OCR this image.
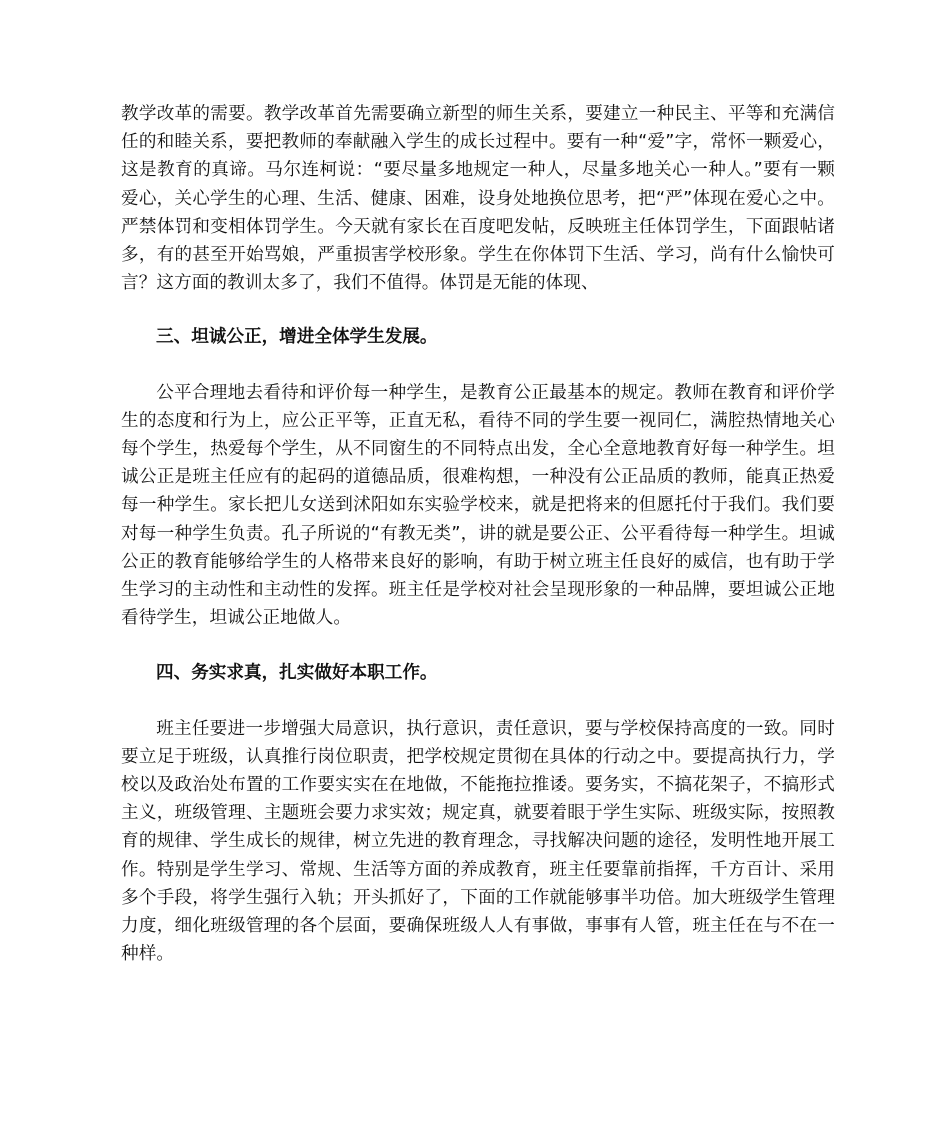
教学改革的需要。教学改革首先需要确立新型的师生关系，要建立一种民主、平等和充满信任的和睦关系，要把教师的奉献融入学生的成长过程中。要有一种“爱”字，常怀一颗爱心，这是教育的真谛。马尔连柯说：“要尽量多地规定一种人，尽量多地关心一种人。”要有一颗爱心，关心学生的心理、生活、健康、困难，设身处地换位思考，把“严”体现在爱心之中。严禁体罚和变相体罚学生。今天就有家长在百度吧发帖，反映班主任体罚学生，下面跟帖诸多，有的甚至开始骂娘，严重损害学校形象。学生在你体罚下生活、学习，尚有什么愉快可言？这方面的教训太多了，我们不值得。体罚是无能的体现、

三、坦诚公正，增进全体学生发展。

公平合理地去看待和评价每一种学生，是教育公正最基本的规定。教师在教育和评价学生的态度和行为上，应公正平等，正直无私，看待不同的学生要一视同仁，满腔热情地关心每个学生，热爱每个学生，从不同窗生的不同特点出发，全心全意地教育好每一种学生。坦诚公正是班主任应有的起码的道德品质，很难构想，一种没有公正品质的教师，能真正热爱每一种学生。家长把儿女送到沭阳如东实验学校来，就是把将来的但愿托付于我们。我们要对每一种学生负责。孔子所说的“有教无类”，讲的就是要公正、公平看待每一种学生。坦诚公正的教育能够给学生的人格带来良好的影响，有助于树立班主任良好的威信，也有助于学生学习的主动性和主动性的发挥。班主任是学校对社会呈现形象的一种品牌，要坦诚公正地看待学生，坦诚公正地做人。

四、务实求真，扎实做好本职工作。

班主任要进一步增强大局意识，执行意识，责任意识，要与学校保持高度的一致。同时要立足于班级，认真推行岗位职责，把学校规定贯彻在具体的行动之中。要提高执行力，学校以及政治处布置的工作要实实在在地做，不能拖拉推诿。要务实，不搞花架子，不搞形式主义，班级管理、主题班会要力求实效；规定真，就要着眼于学生实际、班级实际，按照教育的规律、学生成长的规律，树立先进的教育理念，寻找解决问题的途径，发明性地开展工作。特别是学生学习、常规、生活等方面的养成教育，班主任要靠前指挥，千方百计、采用多个手段，将学生强行入轨；开头抓好了，下面的工作就能够事半功倍。加大班级学生管理力度，细化班级管理的各个层面，要确保班级人人有事做，事事有人管，班主任在与不在一种样。
